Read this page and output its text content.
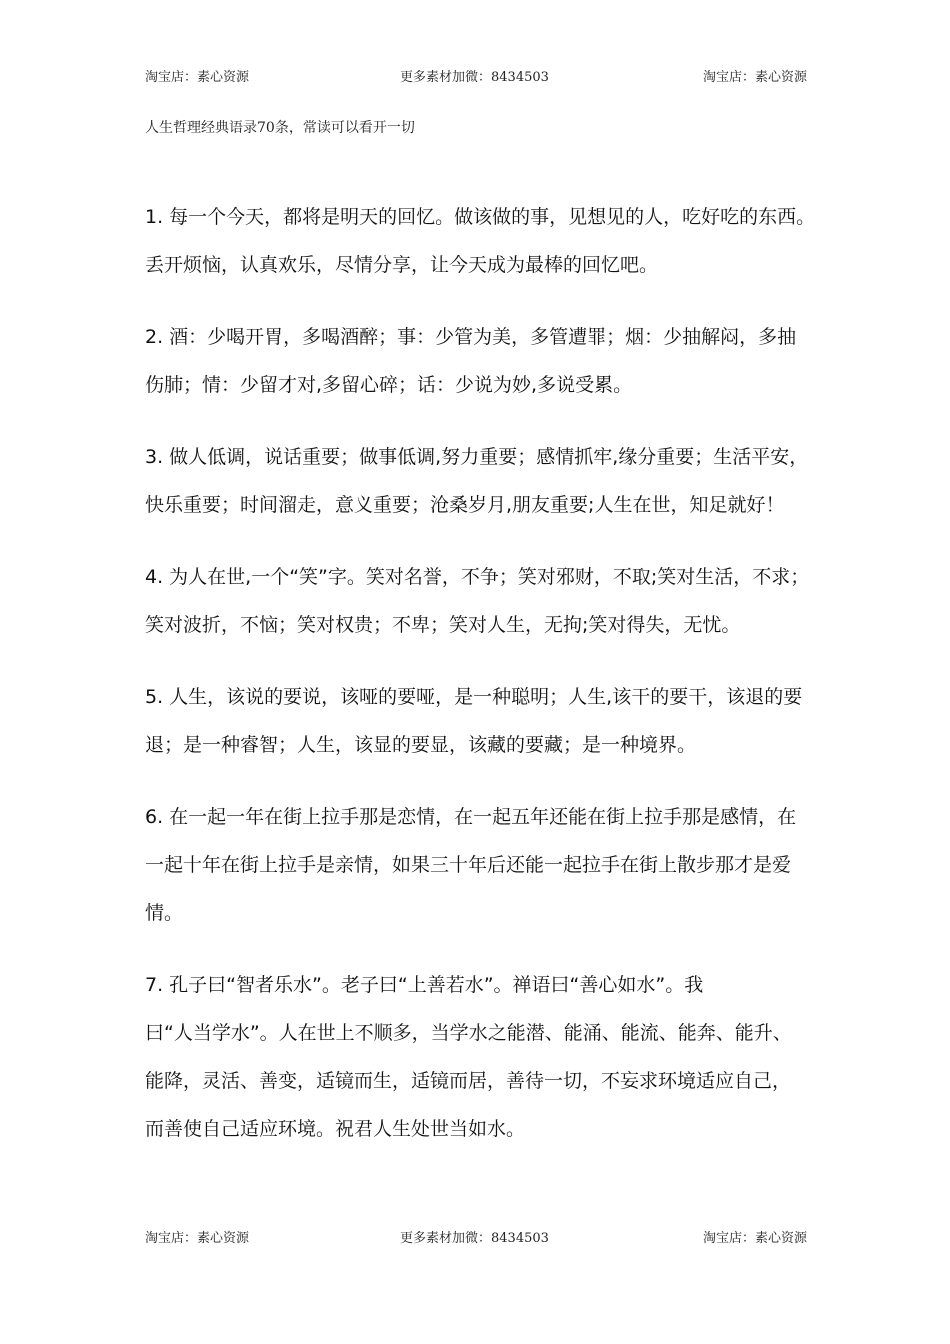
淘宝店：素心资源	更多素材加微：8434503	淘宝店：素心资源
人生哲理经典语录70条，常读可以看开一切
1. 每一个今天，都将是明天的回忆。做该做的事，见想见的人，吃好吃的东西。
丢开烦恼，认真欢乐，尽情分享，让今天成为最棒的回忆吧。
2. 酒：少喝开胃，多喝酒醉；事：少管为美，多管遭罪；烟：少抽解闷，多抽
伤肺；情：少留才对,多留心碎；话：少说为妙,多说受累。
3. 做人低调，说话重要；做事低调,努力重要；感情抓牢,缘分重要；生活平安，
快乐重要；时间溜走，意义重要；沧桑岁月,朋友重要;人生在世，知足就好！
4. 为人在世,一个“笑”字。笑对名誉，不争；笑对邪财，不取;笑对生活，不求；
笑对波折，不恼；笑对权贵；不卑；笑对人生，无拘;笑对得失，无忧。
5. 人生，该说的要说，该哑的要哑，是一种聪明；人生,该干的要干，该退的要
退；是一种睿智；人生，该显的要显，该藏的要藏；是一种境界。
6. 在一起一年在街上拉手那是恋情，在一起五年还能在街上拉手那是感情，在
一起十年在街上拉手是亲情，如果三十年后还能一起拉手在街上散步那才是爱
情。
7. 孔子曰“智者乐水”。老子曰“上善若水”。禅语曰“善心如水”。我
曰“人当学水”。人在世上不顺多，当学水之能潜、能涌、能流、能奔、能升、
能降，灵活、善变，适镜而生，适镜而居，善待一切，不妄求环境适应自己，
而善使自己适应环境。祝君人生处世当如水。
淘宝店：素心资源	更多素材加微：8434503	淘宝店：素心资源
